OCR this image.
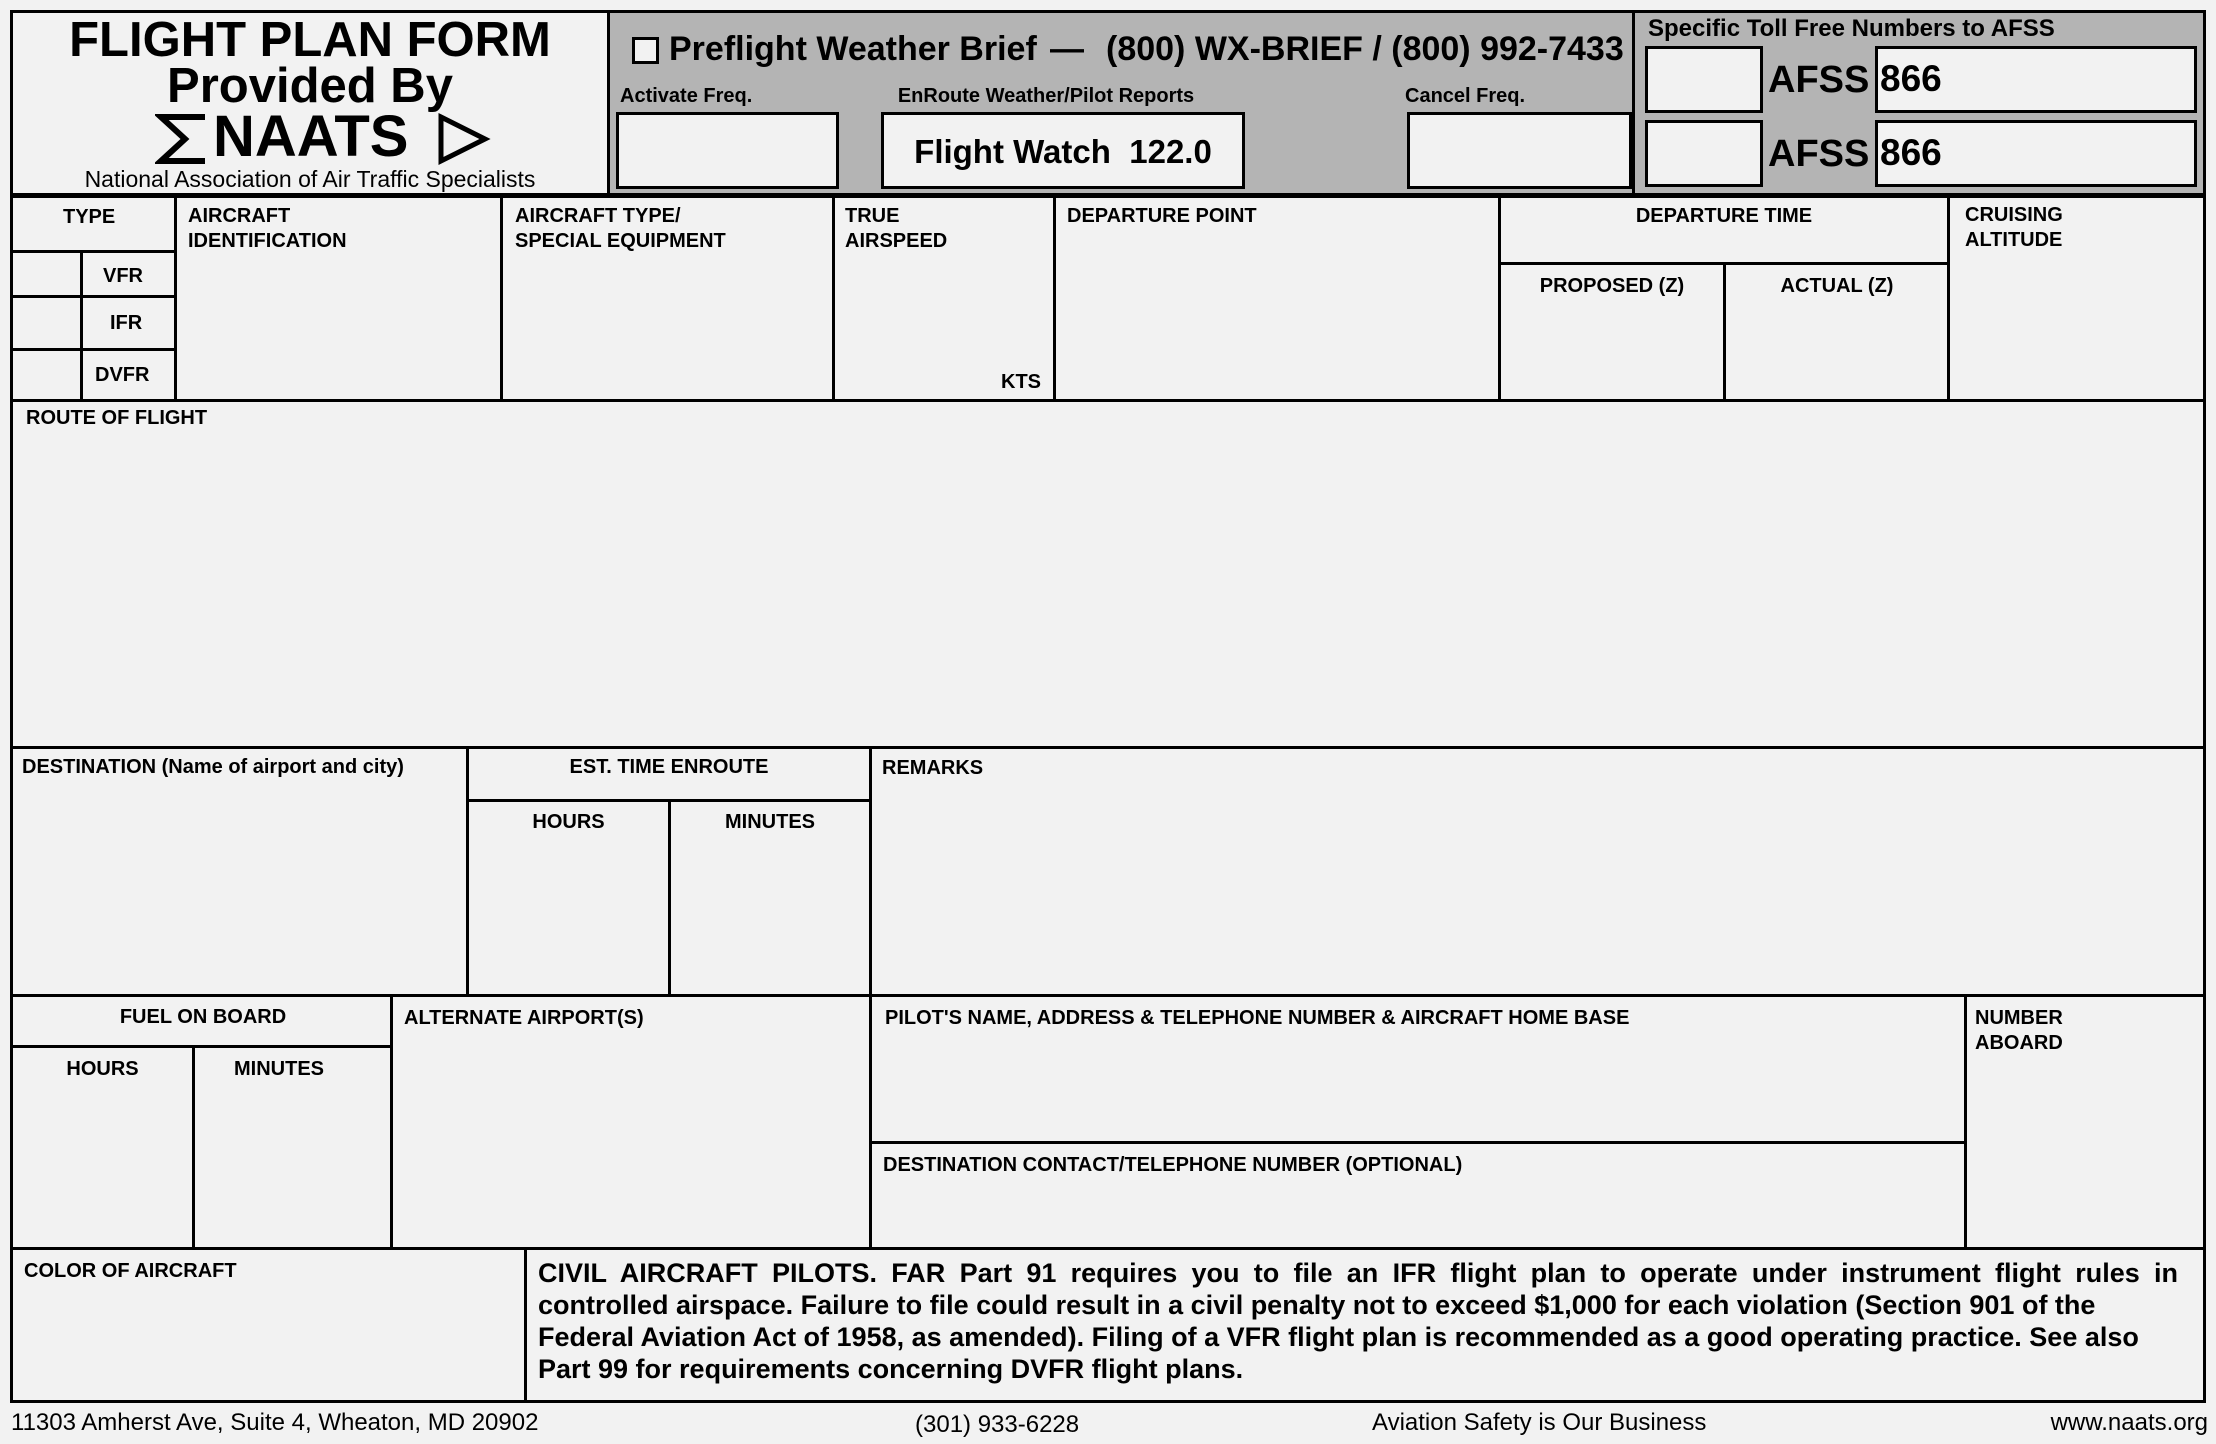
FLIGHT PLAN FORM
Provided By
NAATS
National Association of Air Traffic Specialists
Preflight Weather Brief — (800) WX-BRIEF / (800) 992-7433
Activate Freq.	EnRoute Weather/Pilot Reports	Cancel Freq.
Flight Watch  122.0
Specific Toll Free Numbers to AFSS
AFSS 866
AFSS 866
TYPE
VFR
IFR
DVFR
AIRCRAFT
IDENTIFICATION
AIRCRAFT TYPE/
SPECIAL EQUIPMENT
TRUE
AIRSPEED
KTS
DEPARTURE POINT	DEPARTURE TIME
PROPOSED (Z)	ACTUAL (Z)
CRUISING
ALTITUDE
ROUTE OF FLIGHT
DESTINATION (Name of airport and city)	EST. TIME ENROUTE
HOURS	MINUTES
REMARKS
FUEL ON BOARD
HOURS	MINUTES
ALTERNATE AIRPORT(S)	PILOT'S NAME, ADDRESS & TELEPHONE NUMBER & AIRCRAFT HOME BASE
DESTINATION CONTACT/TELEPHONE NUMBER (OPTIONAL)
NUMBER
ABOARD
COLOR OF AIRCRAFT	CIVIL AIRCRAFT PILOTS. FAR Part 91 requires you to file an IFR flight plan to operate under instrument flight rules in
controlled airspace. Failure to file could result in a civil penalty not to exceed $1,000 for each violation (Section 901 of the
Federal Aviation Act of 1958, as amended). Filing of a VFR flight plan is recommended as a good operating practice. See also
Part 99 for requirements concerning DVFR flight plans.
11303 Amherst Ave, Suite 4, Wheaton, MD 20902	(301) 933-6228	Aviation Safety is Our Business	www.naats.org
